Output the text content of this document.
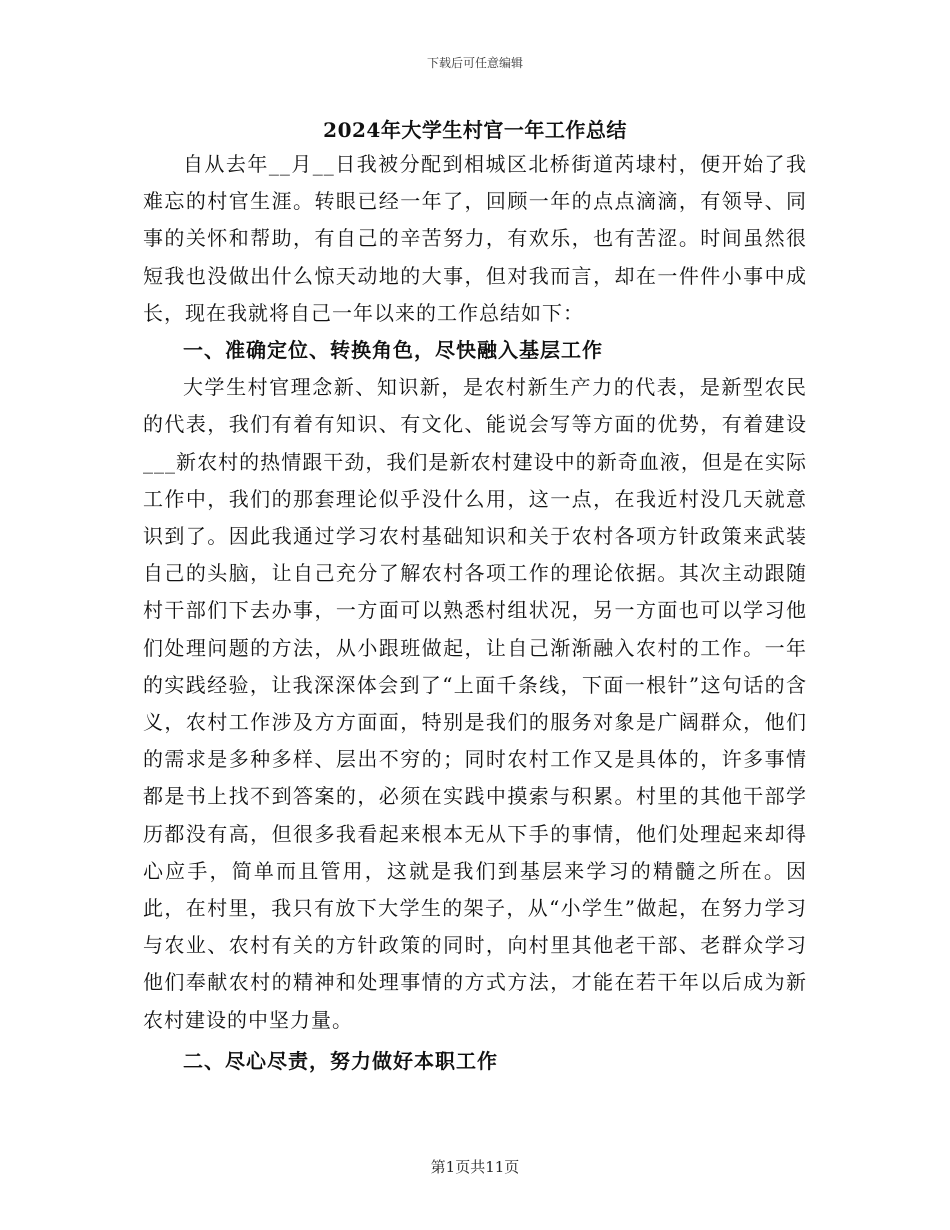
下载后可任意编辑
2024年大学生村官一年工作总结

自从去年__月__日我被分配到相城区北桥街道芮埭村，便开始了我难忘的村官生涯。转眼已经一年了，回顾一年的点点滴滴，有领导、同事的关怀和帮助，有自己的辛苦努力，有欢乐，也有苦涩。时间虽然很短我也没做出什么惊天动地的大事，但对我而言，却在一件件小事中成长，现在我就将自己一年以来的工作总结如下：

一、准确定位、转换角色，尽快融入基层工作

大学生村官理念新、知识新，是农村新生产力的代表，是新型农民的代表，我们有着有知识、有文化、能说会写等方面的优势，有着建设___新农村的热情跟干劲，我们是新农村建设中的新奇血液，但是在实际工作中，我们的那套理论似乎没什么用，这一点，在我近村没几天就意识到了。因此我通过学习农村基础知识和关于农村各项方针政策来武装自己的头脑，让自己充分了解农村各项工作的理论依据。其次主动跟随村干部们下去办事，一方面可以熟悉村组状况，另一方面也可以学习他们处理问题的方法，从小跟班做起，让自己渐渐融入农村的工作。一年的实践经验，让我深深体会到了“上面千条线，下面一根针”这句话的含义，农村工作涉及方方面面，特别是我们的服务对象是广阔群众，他们的需求是多种多样、层出不穷的；同时农村工作又是具体的，许多事情都是书上找不到答案的，必须在实践中摸索与积累。村里的其他干部学历都没有高，但很多我看起来根本无从下手的事情，他们处理起来却得心应手，简单而且管用，这就是我们到基层来学习的精髓之所在。因此，在村里，我只有放下大学生的架子，从“小学生”做起，在努力学习与农业、农村有关的方针政策的同时，向村里其他老干部、老群众学习他们奉献农村的精神和处理事情的方式方法，才能在若干年以后成为新农村建设的中坚力量。

二、尽心尽责，努力做好本职工作

第1页共11页
